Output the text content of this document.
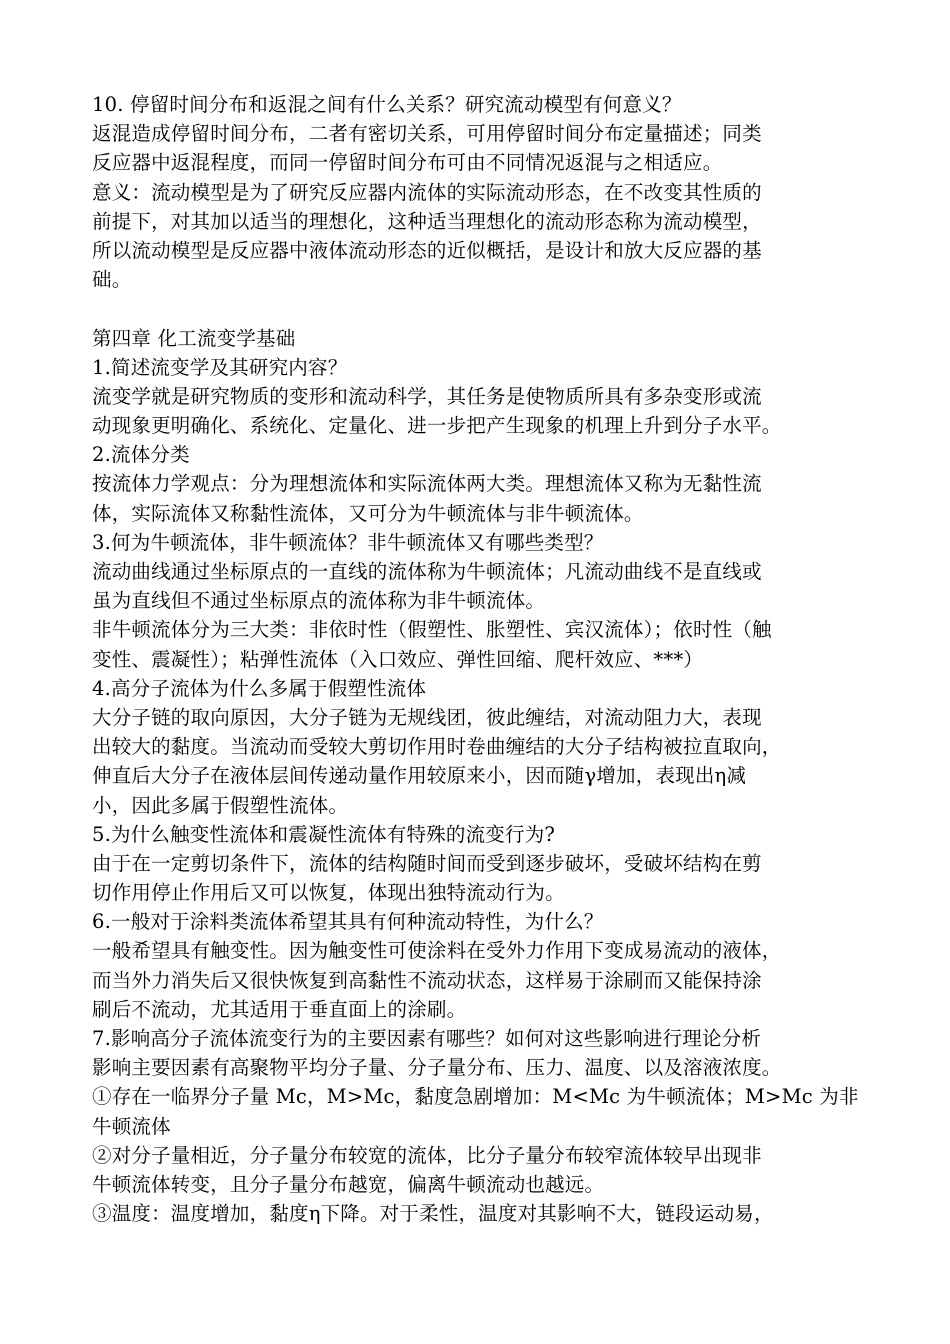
10. 停留时间分布和返混之间有什么关系？研究流动模型有何意义？
返混造成停留时间分布，二者有密切关系，可用停留时间分布定量描述；同类
反应器中返混程度，而同一停留时间分布可由不同情况返混与之相适应。
意义：流动模型是为了研究反应器内流体的实际流动形态，在不改变其性质的
前提下，对其加以适当的理想化，这种适当理想化的流动形态称为流动模型，
所以流动模型是反应器中液体流动形态的近似概括，是设计和放大反应器的基
础。
第四章 化工流变学基础
1.简述流变学及其研究内容？
流变学就是研究物质的变形和流动科学，其任务是使物质所具有多杂变形或流
动现象更明确化、系统化、定量化、进一步把产生现象的机理上升到分子水平。
2.流体分类
按流体力学观点：分为理想流体和实际流体两大类。理想流体又称为无黏性流
体，实际流体又称黏性流体，又可分为牛顿流体与非牛顿流体。
3.何为牛顿流体，非牛顿流体？非牛顿流体又有哪些类型？
流动曲线通过坐标原点的一直线的流体称为牛顿流体；凡流动曲线不是直线或
虽为直线但不通过坐标原点的流体称为非牛顿流体。
非牛顿流体分为三大类：非依时性（假塑性、胀塑性、宾汉流体）；依时性（触
变性、震凝性）；粘弹性流体（入口效应、弹性回缩、爬杆效应、***）
4.高分子流体为什么多属于假塑性流体
大分子链的取向原因，大分子链为无规线团，彼此缠结，对流动阻力大，表现
出较大的黏度。当流动而受较大剪切作用时卷曲缠结的大分子结构被拉直取向，
伸直后大分子在液体层间传递动量作用较原来小，因而随γ增加，表现出η减
小，因此多属于假塑性流体。
5.为什么触变性流体和震凝性流体有特殊的流变行为?
由于在一定剪切条件下，流体的结构随时间而受到逐步破坏，受破坏结构在剪
切作用停止作用后又可以恢复，体现出独特流动行为。
6.一般对于涂料类流体希望其具有何种流动特性，为什么？
一般希望具有触变性。因为触变性可使涂料在受外力作用下变成易流动的液体，
而当外力消失后又很快恢复到高黏性不流动状态，这样易于涂刷而又能保持涂
刷后不流动，尤其适用于垂直面上的涂刷。
7.影响高分子流体流变行为的主要因素有哪些？如何对这些影响进行理论分析
影响主要因素有高聚物平均分子量、分子量分布、压力、温度、以及溶液浓度。
①存在一临界分子量 Mc，M>Mc，黏度急剧增加：M<Mc 为牛顿流体；M>Mc 为非
牛顿流体
②对分子量相近，分子量分布较宽的流体，比分子量分布较窄流体较早出现非
牛顿流体转变，且分子量分布越宽，偏离牛顿流动也越远。
③温度：温度增加，黏度η下降。对于柔性，温度对其影响不大，链段运动易，
